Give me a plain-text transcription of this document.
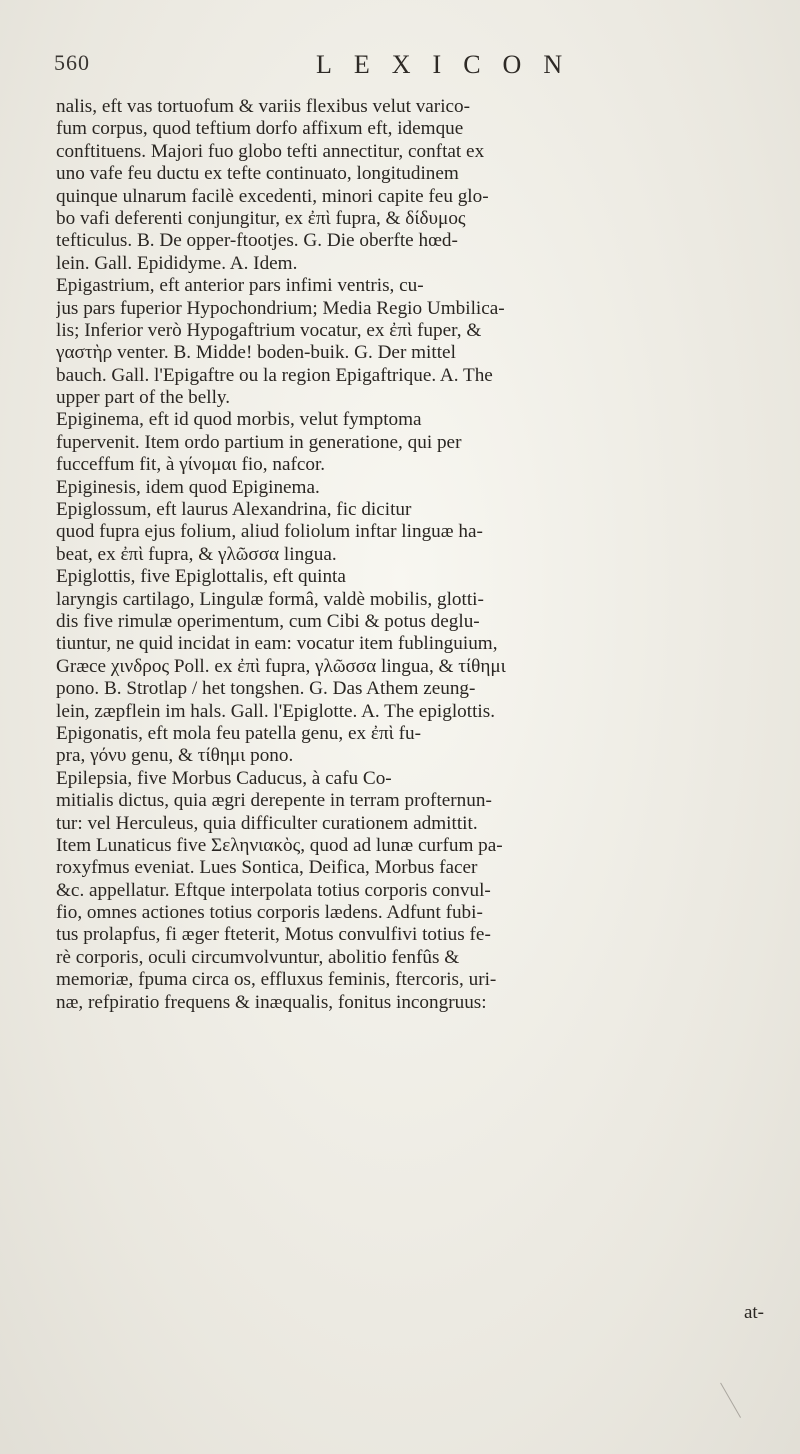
560	LEXICON
nalis, eft vas tortuofum & variis flexibus velut varico-
fum corpus, quod teftium dorfo affixum eft, idemque
conftituens. Majori fuo globo tefti annectitur, conftat ex
uno vafe feu ductu ex tefte continuato, longitudinem
quinque ulnarum facilè excedenti, minori capite feu glo-
bo vafi deferenti conjungitur, ex ἐπὶ fupra, & δίδυμος
tefticulus. B. De opper-ftootjes. G. Die oberfte hœd-
lein. Gall. Epididyme. A. Idem.
Epigastrium, eft anterior pars infimi ventris, cu-
jus pars fuperior Hypochondrium; Media Regio Umbilica-
lis; Inferior verò Hypogaftrium vocatur, ex ἐπὶ fuper, &
γαστὴρ venter. B. Midde! boden-buik. G. Der mittel
bauch. Gall. l'Epigaftre ou la region Epigaftrique. A. The
upper part of the belly.
Epiginema, eft id quod morbis, velut fymptoma
fupervenit. Item ordo partium in generatione, qui per
fucceffum fit, à γίνομαι fio, nafcor.
Epiginesis, idem quod Epiginema.
Epiglossum, eft laurus Alexandrina, fic dicitur
quod fupra ejus folium, aliud foliolum inftar linguæ ha-
beat, ex ἐπὶ fupra, & γλῶσσα lingua.
Epiglottis, five Epiglottalis, eft quinta
laryngis cartilago, Lingulæ formâ, valdè mobilis, glotti-
dis five rimulæ operimentum, cum Cibi & potus deglu-
tiuntur, ne quid incidat in eam: vocatur item fublinguium,
Græce χινδρος Poll. ex ἐπὶ fupra, γλῶσσα lingua, & τίθημι
pono. B. Strotlap / het tongshen. G. Das Athem zeung-
lein, zæpflein im hals. Gall. l'Epiglotte. A. The epiglottis.
Epigonatis, eft mola feu patella genu, ex ἐπὶ fu-
pra, γόνυ genu, & τίθημι pono.
Epilepsia, five Morbus Caducus, à cafu Co-
mitialis dictus, quia ægri derepente in terram profternun-
tur: vel Herculeus, quia difficulter curationem admittit.
Item Lunaticus five Σεληνιακὸς, quod ad lunæ curfum pa-
roxyfmus eveniat. Lues Sontica, Deifica, Morbus facer
&c. appellatur. Eftque interpolata totius corporis convul-
fio, omnes actiones totius corporis lædens. Adfunt fubi-
tus prolapfus, fi æger fteterit, Motus convulfivi totius fe-
rè corporis, oculi circumvolvuntur, abolitio fenfûs &
memoriæ, fpuma circa os, effluxus feminis, ftercoris, uri-
næ, refpiratio frequens & inæqualis, fonitus incongruus:
at-
